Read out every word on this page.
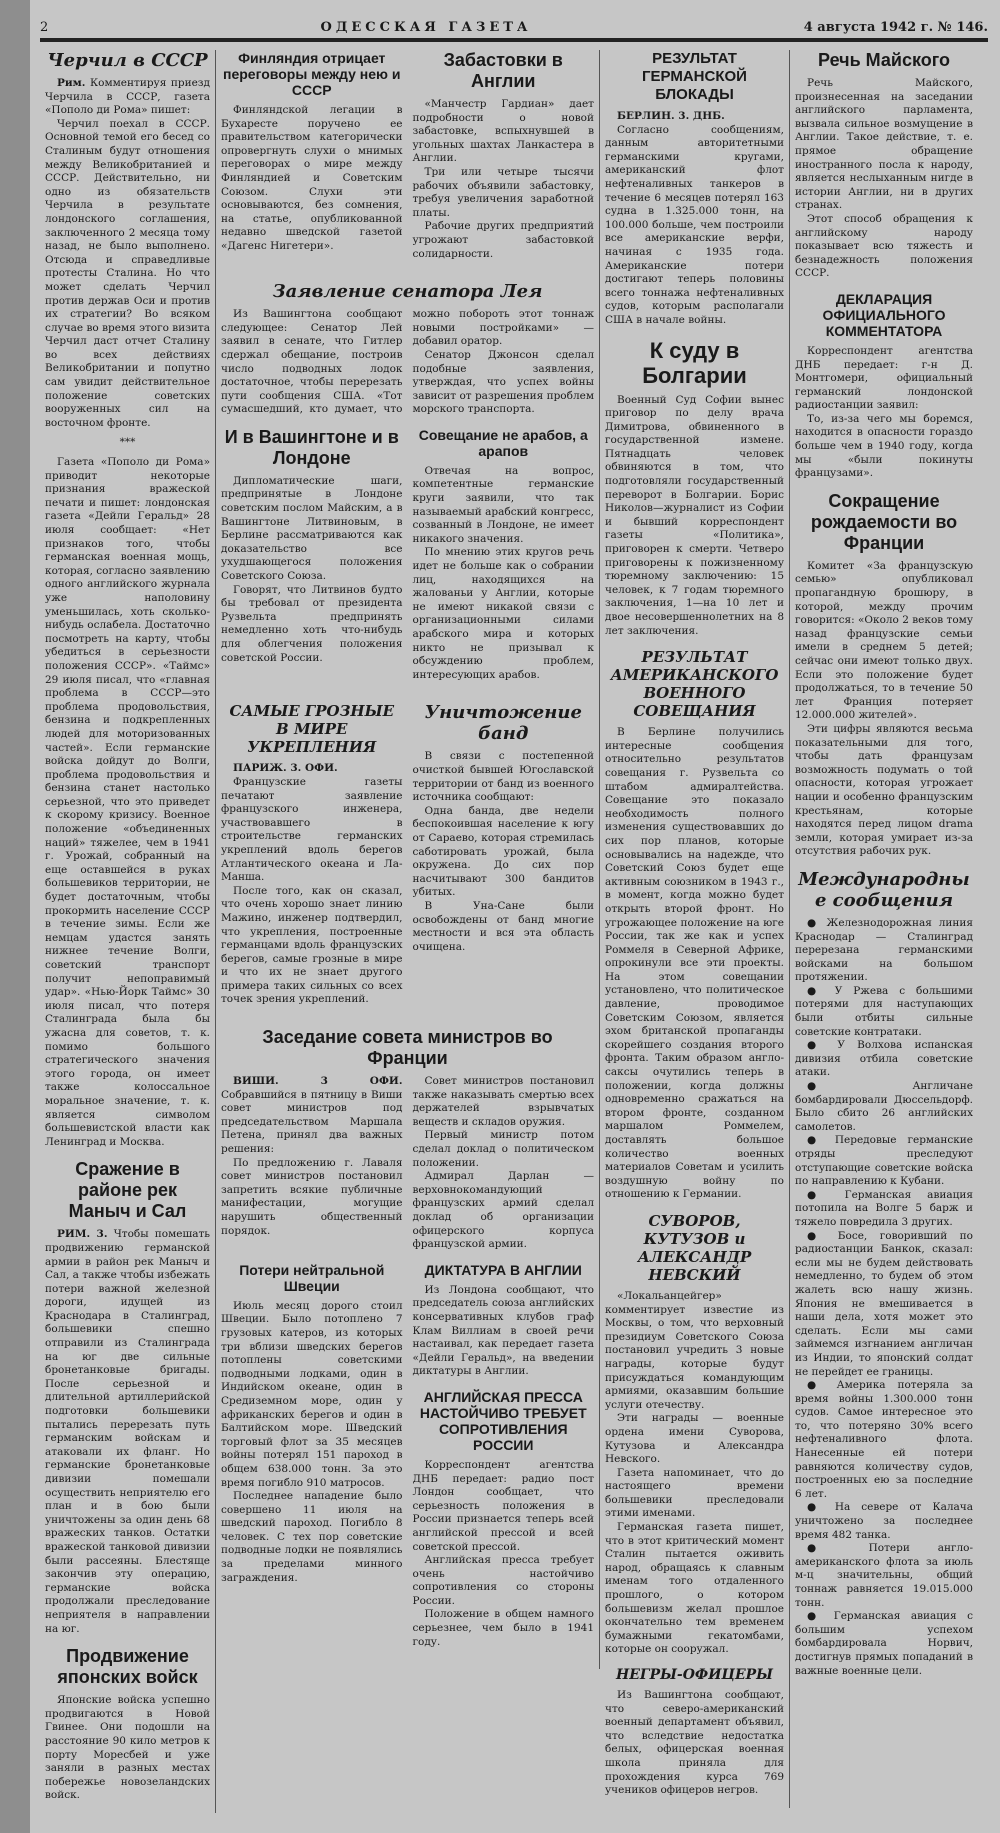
2	ОДЕССКАЯ ГАЗЕТА	4 августа 1942 г. № 146.
Черчил в СССР

Рим. Комментируя приезд Черчила в СССР, газета «Пополо ди Рома» пишет:

Черчил поехал в СССР. Основной темой его бесед со Сталиным будут отношения между Великобританией и СССР. Действительно, ни одно из обязательств Черчила в результате лондонского соглашения, заключенного 2 месяца тому назад, не было выполнено. Отсюда и справедливые протесты Сталина. Но что может сделать Черчил против держав Оси и против их стратегии? Во всяком случае во время этого визита Черчил даст отчет Сталину во всех действиях Великобритании и попутно сам увидит действительное положение советских вооруженных сил на восточном фронте.

***

Газета «Пополо ди Рома» приводит некоторые признания вражеской печати и пишет: лондонская газета «Дейли Геральд» 28 июля сообщает: «Нет признаков того, чтобы германская военная мощь, которая, согласно заявлению одного английского журнала уже наполовину уменьшилась, хоть сколько-нибудь ослабела. Достаточно посмотреть на карту, чтобы убедиться в серьезности положения СССР». «Таймс» 29 июля писал, что «главная проблема в СССР—это проблема продовольствия, бензина и подкрепленных людей для моторизованных частей». Если германские войска дойдут до Волги, проблема продовольствия и бензина станет настолько серьезной, что это приведет к скорому кризису. Военное положение «объединенных наций» тяжелее, чем в 1941 г. Урожай, собранный на еще оставшейся в руках большевиков территории, не будет достаточным, чтобы прокормить население СССР в течение зимы. Если же немцам удастся занять нижнее течение Волги, советский транспорт получит непоправимый удар». «Нью-Йорк Таймс» 30 июля писал, что потеря Сталинграда была бы ужасна для советов, т. к. помимо большого стратегического значения этого города, он имеет также колоссальное моральное значение, т. к. является символом большевистской власти как Ленинград и Москва.

Сражение в районе рек Маныч и Сал

РИМ. 3. Чтобы помешать продвижению германской армии в район рек Маныч и Сал, а также чтобы избежать потери важной железной дороги, идущей из Краснодара в Сталинград, большевики спешно отправили из Сталинграда на юг две сильные бронетанковые бригады. После серьезной и длительной артиллерийской подготовки большевики пытались перерезать путь германским войскам и атаковали их фланг. Но германские бронетанковые дивизии помешали осуществить неприятелю его план и в бою были уничтожены за один день 68 вражеских танков. Остатки вражеской танковой дивизии были рассеяны. Блестяще закончив эту операцию, германские войска продолжали преследование неприятеля в направлении на юг.

Продвижение японских войск

Японские войска успешно продвигаются в Новой Гвинее. Они подошли на расстояние 90 кило метров к порту Моресбей и уже заняли в разных местах побережье новозеландских войск.

Финляндия отрицает переговоры между нею и СССР

Финляндской легации в Бухаресте поручено ее правительством категорически опровергнуть слухи о мнимых переговорах о мире между Финляндией и Советским Союзом. Слухи эти основываются, без сомнения, на статье, опубликованной недавно шведской газетой «Дагенс Нигетери».

Забастовки в Англии

«Манчестр Гардиан» дает подробности о новой забастовке, вспыхнувшей в угольных шахтах Ланкастера в Англии.

Три или четыре тысячи рабочих объявили забастовку, требуя увеличения заработной платы.

Рабочие других предприятий угрожают забастовкой солидарности.

Заявление сенатора Лея

Из Вашингтона сообщают следующее: Сенатор Лей заявил в сенате, что Гитлер сдержал обещание, построив число подводных лодок достаточное, чтобы перерезать пути сообщения США. «Тот сумасшедший, кто думает, что можно побороть этот тоннаж новыми постройками» — добавил оратор.

Сенатор Джонсон сделал подобные заявления, утверждая, что успех войны зависит от разрешения проблем морского транспорта.

И в Вашингтоне и в Лондоне

Дипломатические шаги, предпринятые в Лондоне советским послом Майским, а в Вашингтоне Литвиновым, в Берлине рассматриваются как доказательство все ухудшающегося положения Советского Союза.

Говорят, что Литвинов будто бы требовал от президента Рузвельта предпринять немедленно хоть что-нибудь для облегчения положения советской России.

Совещание не арабов, а арапов

Отвечая на вопрос, компетентные германские круги заявили, что так называемый арабский конгресс, созванный в Лондоне, не имеет никакого значения.

По мнению этих кругов речь идет не больше как о собрании лиц, находящихся на жалованьи у Англии, которые не имеют никакой связи с организационными силами арабского мира и которых никто не призывал к обсуждению проблем, интересующих арабов.

САМЫЕ ГРОЗНЫЕ В МИРЕ УКРЕПЛЕНИЯ

ПАРИЖ. 3. ОФИ.

Французские газеты печатают заявление французского инженера, участвовавшего в строительстве германских укреплений вдоль берегов Атлантического океана и Ла-Манша.

После того, как он сказал, что очень хорошо знает линию Мажино, инженер подтвердил, что укрепления, построенные германцами вдоль французских берегов, самые грозные в мире и что их не знает другого примера таких сильных со всех точек зрения укреплений.

Уничтожение банд

В связи с постепенной очисткой бывшей Югославской территории от банд из военного источника сообщают:

Одна банда, две недели беспокоившая население к югу от Сараево, которая стремилась саботировать урожай, была окружена. До сих пор насчитывают 300 бандитов убитых.

В Уна-Сане были освобождены от банд многие местности и вся эта область очищена.

Заседание совета министров во Франции

ВИШИ. 3 ОФИ. Собравшийся в пятницу в Виши совет министров под председательством Маршала Петена, принял два важных решения:

По предложению г. Лаваля совет министров постановил запретить всякие публичные манифестации, могущие нарушить общественный порядок.

Совет министров постановил также наказывать смертью всех держателей взрывчатых веществ и складов оружия.

Первый министр потом сделал доклад о политическом положении.

Адмирал Дарлан — верховнокомандующий французских армий сделал доклад об организации офицерского корпуса французской армии.

Потери нейтральной Швеции

Июль месяц дорого стоил Швеции. Было потоплено 7 грузовых катеров, из которых три вблизи шведских берегов потоплены советскими подводными лодками, один в Индийском океане, один в Средиземном море, один у африканских берегов и один в Балтийском море. Шведский торговый флот за 35 месяцев войны потерял 151 пароход в общем 638.000 тонн. За это время погибло 910 матросов.

Последнее нападение было совершено 11 июля на шведский пароход. Погибло 8 человек. С тех пор советские подводные лодки не появлялись за пределами минного заграждения.

ДИКТАТУРА В АНГЛИИ

Из Лондона сообщают, что председатель союза английских консервативных клубов граф Клам Виллиам в своей речи настаивал, как передает газета «Дейли Геральд», на введении диктатуры в Англии.

АНГЛИЙСКАЯ ПРЕССА НАСТОЙЧИВО ТРЕБУЕТ СОПРОТИВЛЕНИЯ РОССИИ

Корреспондент агентства ДНБ передает: радио пост Лондон сообщает, что серьезность положения в России признается теперь всей английской прессой и всей советской прессой.

Английская пресса требует очень настойчиво сопротивления со стороны России.

Положение в общем намного серьезнее, чем было в 1941 году.

РЕЗУЛЬТАТ ГЕРМАНСКОЙ БЛОКАДЫ

БЕРЛИН. 3. ДНБ.

Согласно сообщениям, данным авторитетными германскими кругами, американский флот нефтеналивных танкеров в течение 6 месяцев потерял 163 судна в 1.325.000 тонн, на 100.000 больше, чем построили все американские верфи, начиная с 1935 года. Американские потери достигают теперь половины всего тоннажа нефтеналивных судов, которым располагали США в начале войны.

К суду в Болгарии

Военный Суд Софии вынес приговор по делу врача Димитрова, обвиненного в государственной измене. Пятнадцать человек обвиняются в том, что подготовляли государственный переворот в Болгарии. Борис Николов—журналист из Софии и бывший корреспондент газеты «Политика», приговорен к смерти. Четверо приговорены к пожизненному тюремному заключению: 15 человек, к 7 годам тюремного заключения, 1—на 10 лет и двое несовершеннолетних на 8 лет заключения.

РЕЗУЛЬТАТ АМЕРИКАНСКОГО ВОЕННОГО СОВЕЩАНИЯ

В Берлине получились интересные сообщения относительно результатов совещания г. Рузвельта со штабом адмиралтейства. Совещание это показало необходимость полного изменения существовавших до сих пор планов, которые основывались на надежде, что Советский Союз будет еще активным союзником в 1943 г., в момент, когда можно будет открыть второй фронт. Но угрожающее положение на юге России, так же как и успех Роммеля в Северной Африке, опрокинули все эти проекты. На этом совещании установлено, что политическое давление, проводимое Советским Союзом, является эхом британской пропаганды скорейшего создания второго фронта. Таким образом англо-саксы очутились теперь в положении, когда должны одновременно сражаться на втором фронте, созданном маршалом Роммелем, доставлять большое количество военных материалов Советам и усилить воздушную войну по отношению к Германии.

СУВОРОВ, КУТУЗОВ и АЛЕКСАНДР НЕВСКИЙ

«Локальанцейгер» комментирует известие из Москвы, о том, что верховный президиум Советского Союза постановил учредить 3 новые награды, которые будут присуждаться командующим армиями, оказавшим большие услуги отечеству.

Эти награды — военные ордена имени Суворова, Кутузова и Александра Невского.

Газета напоминает, что до настоящего времени большевики преследовали этими именами.

Германская газета пишет, что в этот критический момент Сталин пытается оживить народ, обращаясь к славным именам того отдаленного прошлого, о котором большевизм желал прошлое окончательно тем временем бумажными гекатомбами, которые он сооружал.

НЕГРЫ-ОФИЦЕРЫ

Из Вашингтона сообщают, что северо-американский военный департамент объявил, что вследствие недостатка белых, офицерская военная школа приняла для прохождения курса 769 учеников офицеров негров.

Речь Майского

Речь Майского, произнесенная на заседании английского парламента, вызвала сильное возмущение в Англии. Такое действие, т. е. прямое обращение иностранного посла к народу, является неслыханным нигде в истории Англии, ни в других странах.

Этот способ обращения к английскому народу показывает всю тяжесть и безнадежность положения СССР.

ДЕКЛАРАЦИЯ ОФИЦИАЛЬНОГО КОММЕНТАТОРА

Корреспондент агентства ДНБ передает: г-н Д. Монтгомери, официальный германский лондонской радиостанции заявил:

То, из-за чего мы боремся, находится в опасности гораздо больше чем в 1940 году, когда мы «были покинуты французами».

Сокращение рождаемости во Франции

Комитет «За французскую семью» опубликовал пропагандную брошюру, в которой, между прочим говорится: «Около 2 веков тому назад французские семьи имели в среднем 5 детей; сейчас они имеют только двух. Если это положение будет продолжаться, то в течение 50 лет Франция потеряет 12.000.000 жителей».

Эти цифры являются весьма показательными для того, чтобы дать французам возможность подумать о той опасности, которая угрожает нации и особенно французским крестьянам, которые находятся перед лицом drama земли, которая умирает из-за отсутствия рабочих рук.

Международные сообщения

● Железнодорожная линия Краснодар — Сталинград перерезана германскими войсками на большом протяжении.

● У Ржева с большими потерями для наступающих были отбиты сильные советские контратаки.

● У Волхова испанская дивизия отбила советские атаки.

● Англичане бомбардировали Дюссельдорф. Было сбито 26 английских самолетов.

● Передовые германские отряды преследуют отступающие советские войска по направлению к Кубани.

● Германская авиация потопила на Волге 5 барж и тяжело повредила 3 других.

● Босе, говоривший по радиостанции Банкок, сказал: если мы не будем действовать немедленно, то будем об этом жалеть всю нашу жизнь. Япония не вмешивается в наши дела, хотя может это сделать. Если мы сами займемся изгнанием англичан из Индии, то японский солдат не перейдет ее границы.

● Америка потеряла за время войны 1.300.000 тонн судов. Самое интересное это то, что потеряно 30% всего нефтеналивного флота. Нанесенные ей потери равняются количеству судов, построенных ею за последние 6 лет.

● На севере от Калача уничтожено за последнее время 482 танка.

● Потери англо-американского флота за июль м-ц значительны, общий тоннаж равняется 19.015.000 тонн.

● Германская авиация с большим успехом бомбардировала Норвич, достигнув прямых попаданий в важные военные цели.
